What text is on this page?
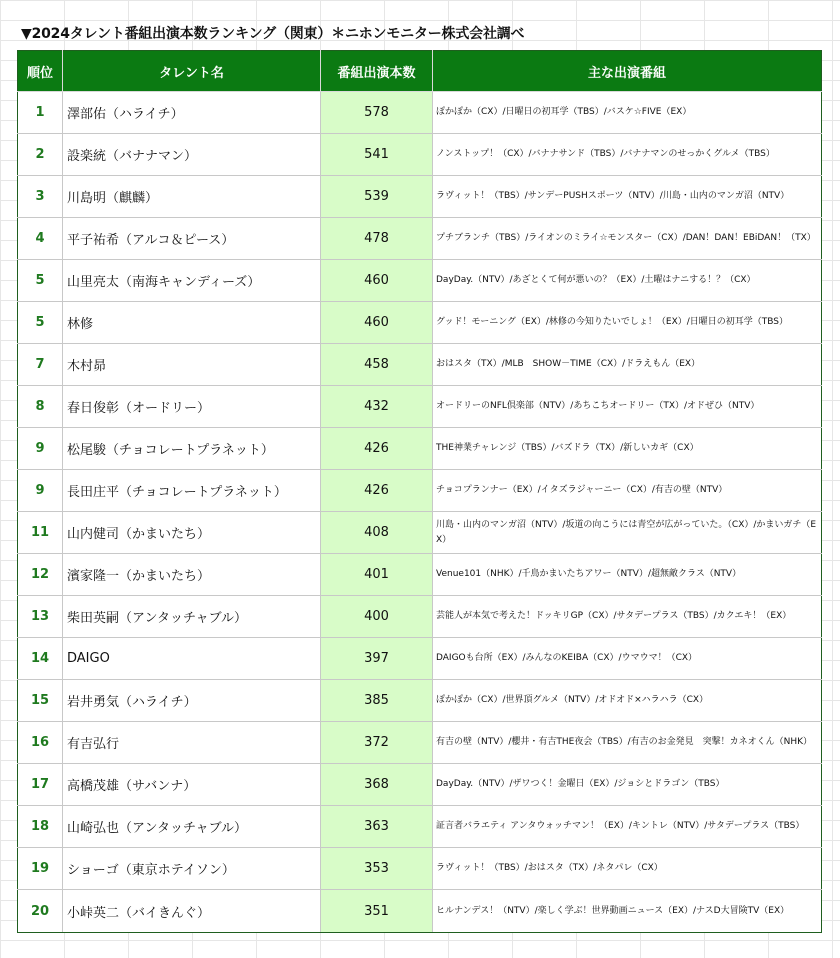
▼2024タレント番組出演本数ランキング（関東）＊ニホンモニター株式会社調べ
順位	タレント名	番組出演本数	主な出演番組
1	澤部佑（ハライチ）	578	ぽかぽか（CX）/日曜日の初耳学（TBS）/バスケ☆FIVE（EX）
2	設楽統（バナナマン）	541	ノンストップ！（CX）/バナナサンド（TBS）/バナナマンのせっかくグルメ（TBS）
3	川島明（麒麟）	539	ラヴィット！（TBS）/サンデーPUSHスポーツ（NTV）/川島・山内のマンガ沼（NTV）
4	平子祐希（アルコ＆ピース）	478	プチブランチ（TBS）/ライオンのミライ☆モンスター（CX）/DAN！DAN！EBiDAN！（TX）
5	山里亮太（南海キャンディーズ）	460	DayDay.（NTV）/あざとくて何が悪いの？（EX）/土曜はナニする！？（CX）
5	林修	460	グッド！モーニング（EX）/林修の今知りたいでしょ！（EX）/日曜日の初耳学（TBS）
7	木村昴	458	おはスタ（TX）/MLB　SHOW－TIME（CX）/ドラえもん（EX）
8	春日俊彰（オードリー）	432	オードリーのNFL倶楽部（NTV）/あちこちオードリー（TX）/オドぜひ（NTV）
9	松尾駿（チョコレートプラネット）	426	THE神業チャレンジ（TBS）/バズドラ（TX）/新しいカギ（CX）
9	長田庄平（チョコレートプラネット）	426	チョコプランナー（EX）/イタズラジャーニー（CX）/有吉の壁（NTV）
11	山内健司（かまいたち）	408	川島・山内のマンガ沼（NTV）/坂道の向こうには青空が広がっていた。（CX）/かまいガチ（EX）
12	濱家隆一（かまいたち）	401	Venue101（NHK）/千鳥かまいたちアワー（NTV）/超無敵クラス（NTV）
13	柴田英嗣（アンタッチャブル）	400	芸能人が本気で考えた！ドッキリGP（CX）/サタデープラス（TBS）/カクエキ！（EX）
14	DAIGO	397	DAIGOも台所（EX）/みんなのKEIBA（CX）/ウマウマ！（CX）
15	岩井勇気（ハライチ）	385	ぽかぽか（CX）/世界頂グルメ（NTV）/オドオド×ハラハラ（CX）
16	有吉弘行	372	有吉の壁（NTV）/櫻井・有吉THE夜会（TBS）/有吉のお金発見　突撃！カネオくん（NHK）
17	高橋茂雄（サバンナ）	368	DayDay.（NTV）/ザワつく！金曜日（EX）/ジョシとドラゴン（TBS）
18	山崎弘也（アンタッチャブル）	363	証言者バラエティ アンタウォッチマン！（EX）/キントレ（NTV）/サタデープラス（TBS）
19	ショーゴ（東京ホテイソン）	353	ラヴィット！（TBS）/おはスタ（TX）/ネタパレ（CX）
20	小峠英二（バイきんぐ）	351	ヒルナンデス！（NTV）/楽しく学ぶ！世界動画ニュース（EX）/ナスD大冒険TV（EX）
